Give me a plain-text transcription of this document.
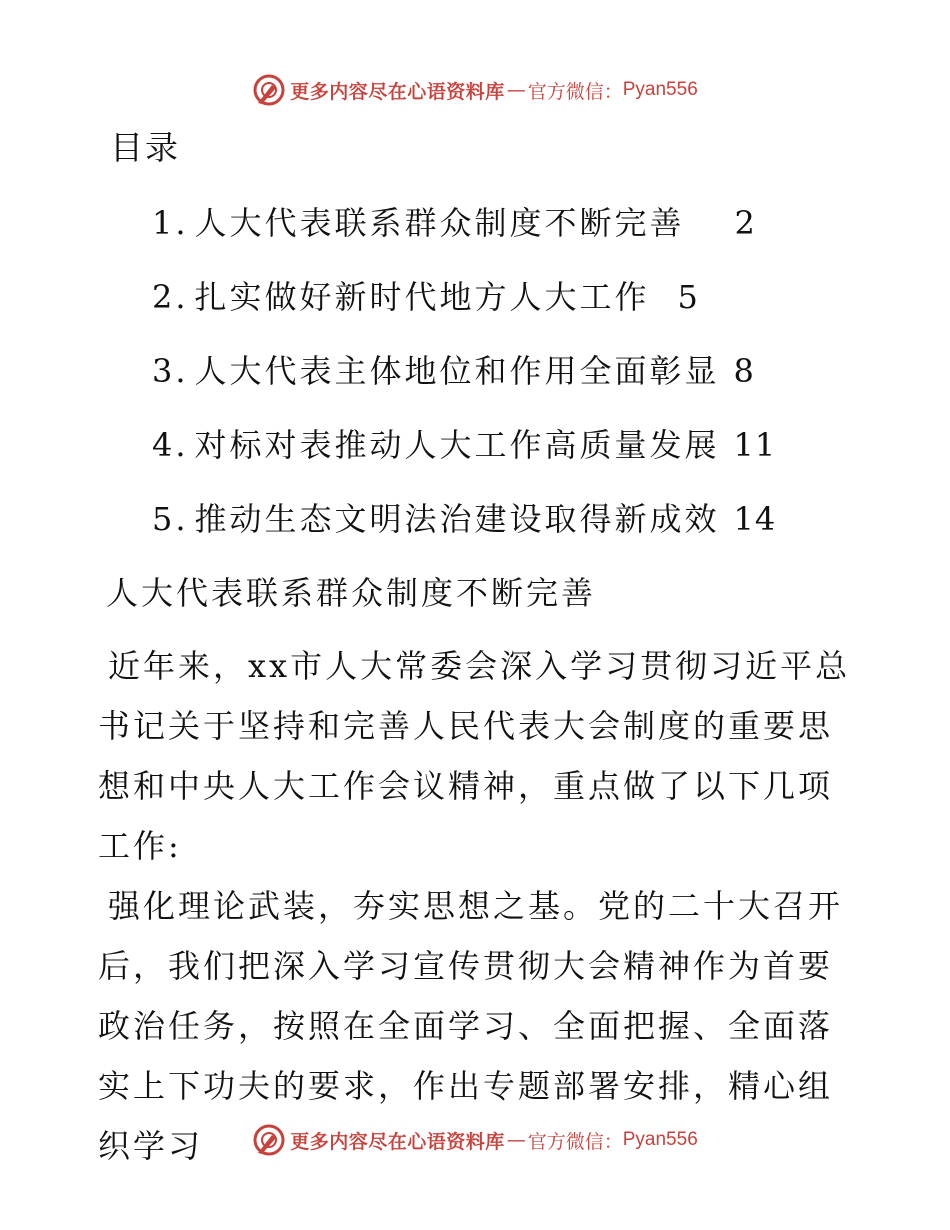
更多内容尽在心语资料库 — 官方微信： Pyan556
目录
1. 人大代表联系群众制度不断完善 2
2. 扎实做好新时代地方人大工作 5
3. 人大代表主体地位和作用全面彰显 8
4. 对标对表推动人大工作高质量发展 11
5. 推动生态文明法治建设取得新成效 14
人大代表联系群众制度不断完善

近年来，xx市人大常委会深入学习贯彻习近平总书记关于坚持和完善人民代表大会制度的重要思想和中央人大工作会议精神，重点做了以下几项工作:

强化理论武装，夯实思想之基。党的二十大召开后，我们把深入学习宣传贯彻大会精神作为首要政治任务，按照在全面学习、全面把握、全面落实上下功夫的要求，作出专题部署安排，精心组织学习	更多内容尽在心语资料库 — 官方微信： Pyan556
